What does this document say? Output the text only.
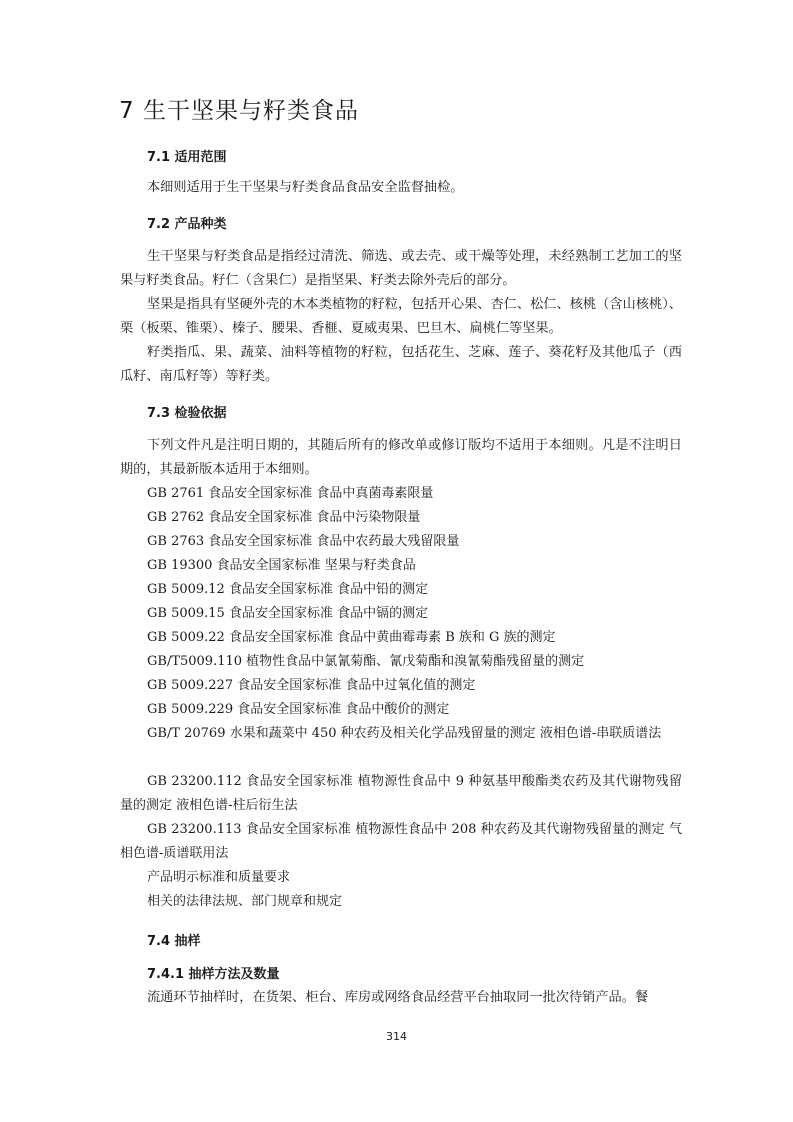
7 生干坚果与籽类食品
7.1 适用范围

本细则适用于生干坚果与籽类食品食品安全监督抽检。

7.2 产品种类

生干坚果与籽类食品是指经过清洗、筛选、或去壳、或干燥等处理，未经熟制工艺加工的坚果与籽类食品。籽仁（含果仁）是指坚果、籽类去除外壳后的部分。

坚果是指具有坚硬外壳的木本类植物的籽粒，包括开心果、杏仁、松仁、核桃（含山核桃）、栗（板栗、锥栗）、榛子、腰果、香榧、夏威夷果、巴旦木、扁桃仁等坚果。

籽类指瓜、果、蔬菜、油料等植物的籽粒，包括花生、芝麻、莲子、葵花籽及其他瓜子（西瓜籽、南瓜籽等）等籽类。

7.3 检验依据

下列文件凡是注明日期的，其随后所有的修改单或修订版均不适用于本细则。凡是不注明日期的，其最新版本适用于本细则。

GB 2761 食品安全国家标准 食品中真菌毒素限量

GB 2762 食品安全国家标准 食品中污染物限量

GB 2763 食品安全国家标准 食品中农药最大残留限量

GB 19300 食品安全国家标准 坚果与籽类食品

GB 5009.12 食品安全国家标准 食品中铅的测定

GB 5009.15 食品安全国家标准 食品中镉的测定

GB 5009.22 食品安全国家标准 食品中黄曲霉毒素 B 族和 G 族的测定

GB/T5009.110 植物性食品中氯氰菊酯、氰戊菊酯和溴氰菊酯残留量的测定

GB 5009.227 食品安全国家标准 食品中过氧化值的测定

GB 5009.229 食品安全国家标准 食品中酸价的测定

GB/T 20769 水果和蔬菜中 450 种农药及相关化学品残留量的测定 液相色谱-串联质谱法

GB 23200.112 食品安全国家标准 植物源性食品中 9 种氨基甲酸酯类农药及其代谢物残留量的测定 液相色谱-柱后衍生法

GB 23200.113 食品安全国家标准 植物源性食品中 208 种农药及其代谢物残留量的测定 气相色谱-质谱联用法

产品明示标准和质量要求

相关的法律法规、部门规章和规定

7.4 抽样
7.4.1 抽样方法及数量

流通环节抽样时，在货架、柜台、库房或网络食品经营平台抽取同一批次待销产品。餐

314
